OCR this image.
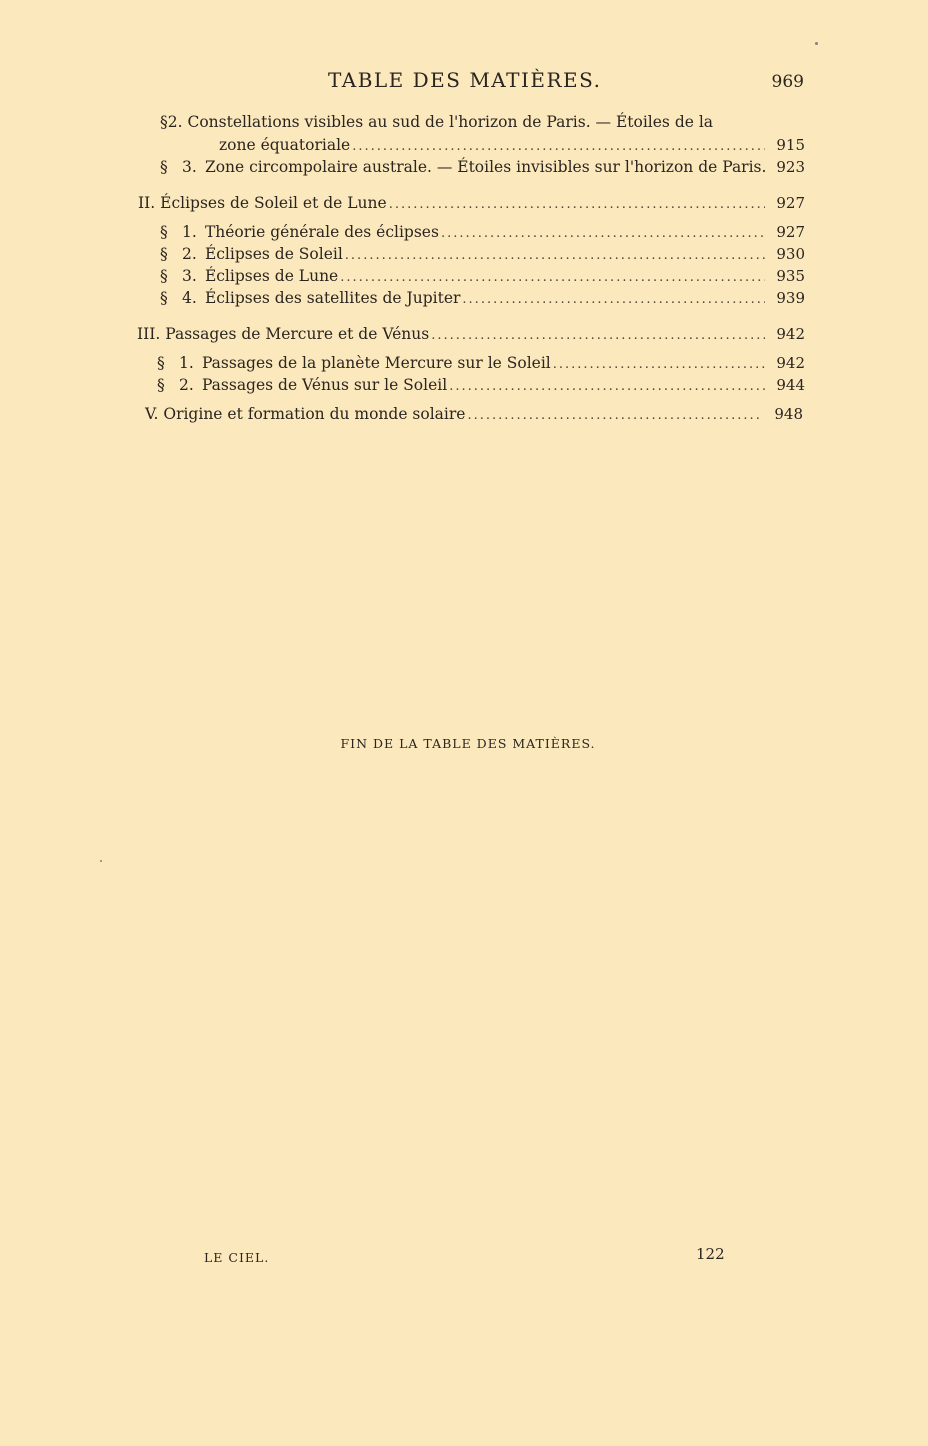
TABLE DES MATIÈRES.	969
§2. Constellations visibles au sud de l'horizon de Paris. — Étoiles de la
zone équatoriale .....	915
§ 3. Zone circompolaire australe. — Étoiles invisibles sur l'horizon de Paris. 923
II. Éclipses de Soleil et de Lune .....	927
§ 1. Théorie générale des éclipses .....	927
§ 2. Éclipses de Soleil .....	930
§ 3. Éclipses de Lune .....	935
§ 4. Éclipses des satellites de Jupiter .....	939
III. Passages de Mercure et de Vénus .....	942
§ 1. Passages de la planète Mercure sur le Soleil .....	942
§ 2. Passages de Vénus sur le Soleil .....	944
V. Origine et formation du monde solaire .....	948
FIN DE LA TABLE DES MATIÈRES.
LE CIEL.	122
